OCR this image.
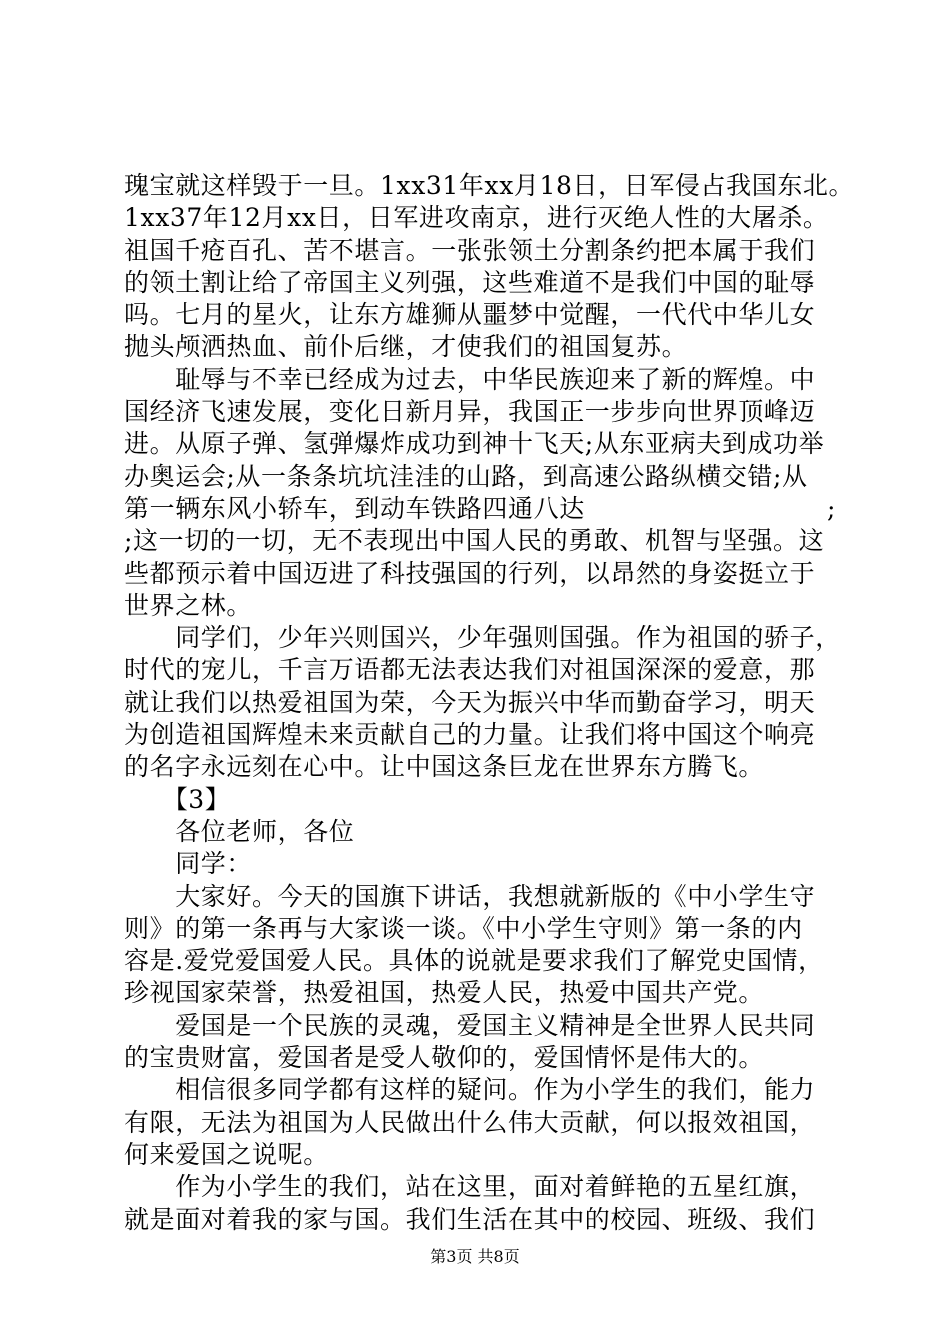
瑰宝就这样毁于一旦。1xx31年xx月18日，日军侵占我国东北。
1xx37年12月xx日，日军进攻南京，进行灭绝人性的大屠杀。
祖国千疮百孔、苦不堪言。一张张领土分割条约把本属于我们
的领土割让给了帝国主义列强，这些难道不是我们中国的耻辱
吗。七月的星火，让东方雄狮从噩梦中觉醒，一代代中华儿女
抛头颅洒热血、前仆后继，才使我们的祖国复苏。
　　耻辱与不幸已经成为过去，中华民族迎来了新的辉煌。中
国经济飞速发展，变化日新月异，我国正一步步向世界顶峰迈
进。从原子弹、氢弹爆炸成功到神十飞天;从东亚病夫到成功举
办奥运会;从一条条坑坑洼洼的山路，到高速公路纵横交错;从
第一辆东风小轿车，到动车铁路四通八达	;
;这一切的一切，无不表现出中国人民的勇敢、机智与坚强。这
些都预示着中国迈进了科技强国的行列，以昂然的身姿挺立于
世界之林。
　　同学们，少年兴则国兴，少年强则国强。作为祖国的骄子，
时代的宠儿，千言万语都无法表达我们对祖国深深的爱意，那
就让我们以热爱祖国为荣，今天为振兴中华而勤奋学习，明天
为创造祖国辉煌未来贡献自己的力量。让我们将中国这个响亮
的名字永远刻在心中。让中国这条巨龙在世界东方腾飞。
　　【3】
　　各位老师，各位
　　同学：
　　大家好。今天的国旗下讲话，我想就新版的《中小学生守
则》的第一条再与大家谈一谈。《中小学生守则》第一条的内
容是.爱党爱国爱人民。具体的说就是要求我们了解党史国情，
珍视国家荣誉，热爱祖国，热爱人民，热爱中国共产党。
　　爱国是一个民族的灵魂，爱国主义精神是全世界人民共同
的宝贵财富，爱国者是受人敬仰的，爱国情怀是伟大的。
　　相信很多同学都有这样的疑问。作为小学生的我们，能力
有限，无法为祖国为人民做出什么伟大贡献，何以报效祖国，
何来爱国之说呢。
　　作为小学生的我们，站在这里，面对着鲜艳的五星红旗，
就是面对着我的家与国。我们生活在其中的校园、班级、我们
第3页 共8页
